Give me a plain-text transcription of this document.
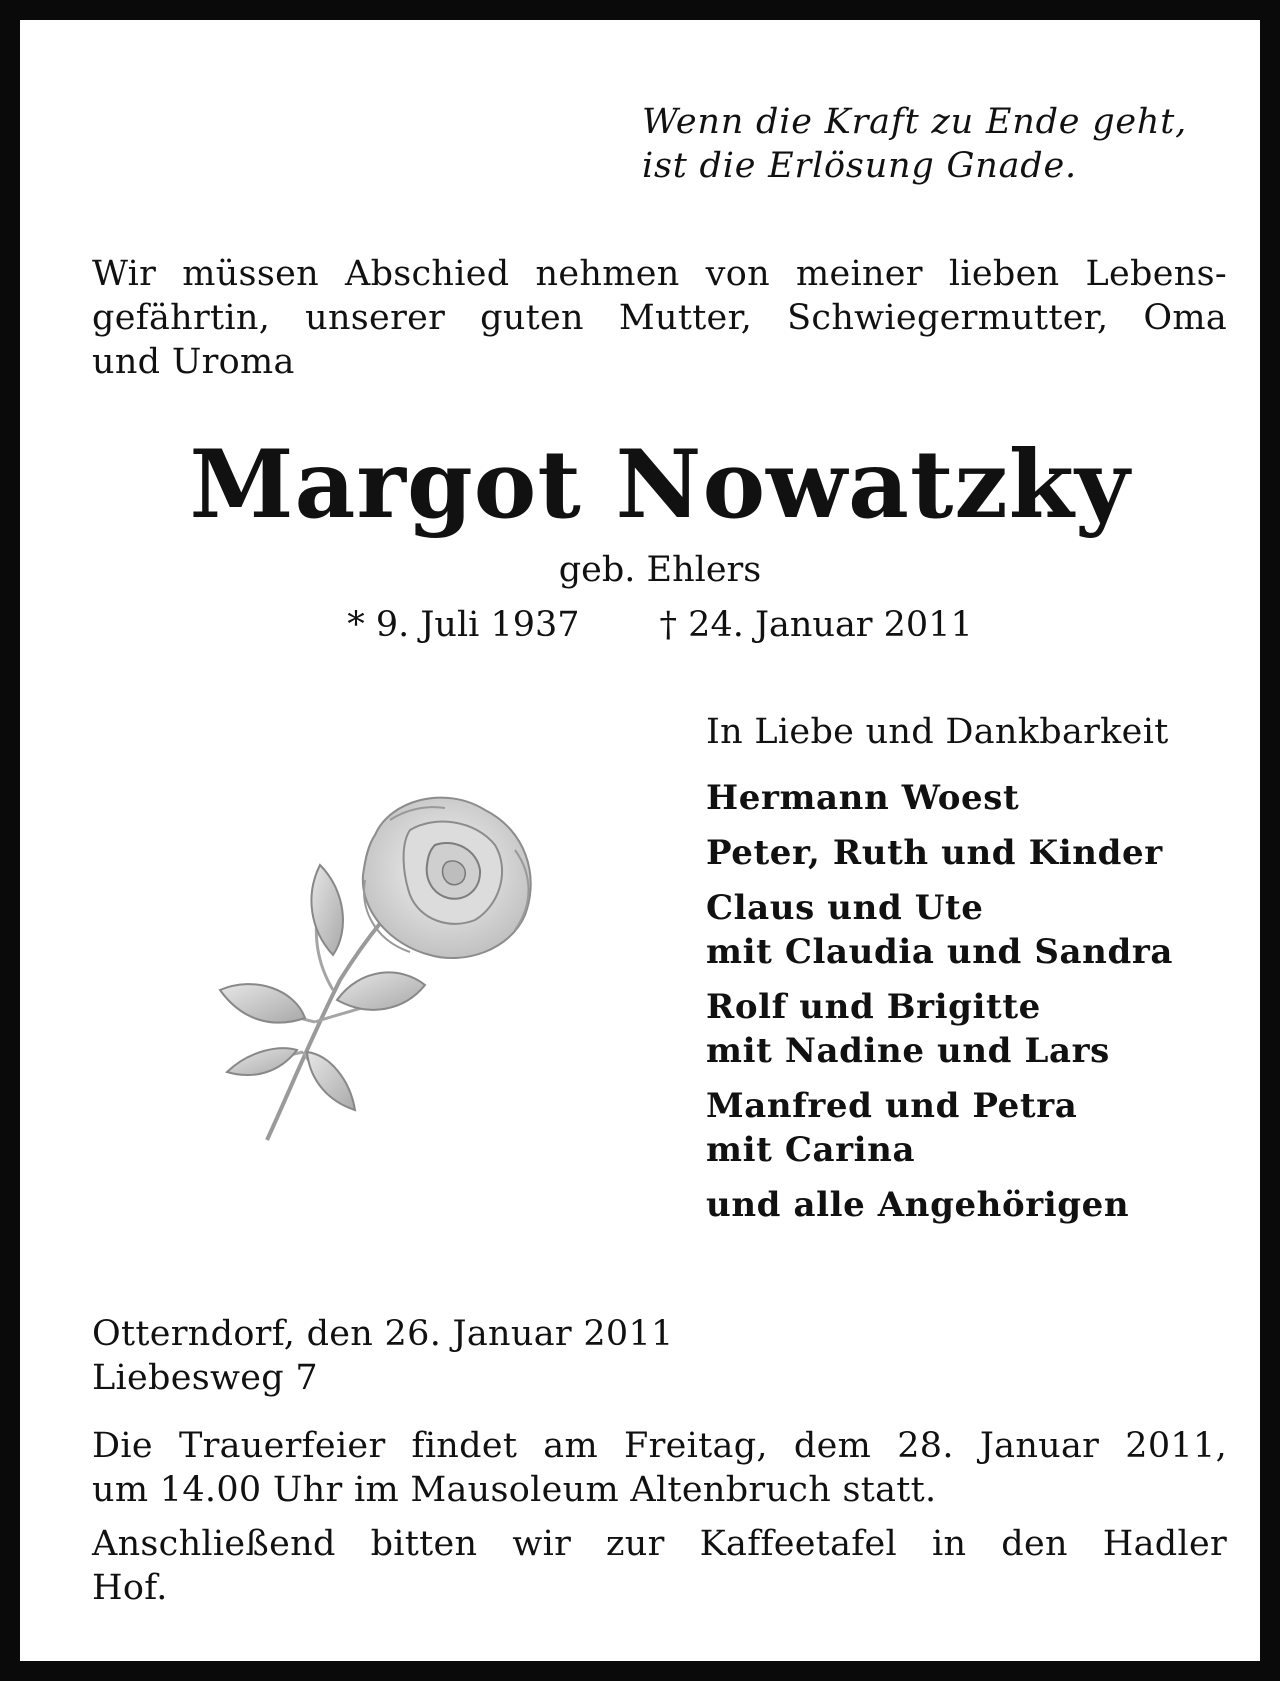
Wenn die Kraft zu Ende geht,
ist die Erlösung Gnade.
Wir müssen Abschied nehmen von meiner lieben Lebens-
gefährtin, unserer guten Mutter, Schwiegermutter, Oma
und Uroma
Margot Nowatzky
geb. Ehlers
* 9. Juli 1937 † 24. Januar 2011
In Liebe und Dankbarkeit
Hermann Woest
Peter, Ruth und Kinder
Claus und Ute
mit Claudia und Sandra
Rolf und Brigitte
mit Nadine und Lars
Manfred und Petra
mit Carina
und alle Angehörigen
Otterndorf, den 26. Januar 2011
Liebesweg 7
Die Trauerfeier findet am Freitag, dem 28. Januar 2011,
um 14.00 Uhr im Mausoleum Altenbruch statt.
Anschließend bitten wir zur Kaffeetafel in den Hadler
Hof.
